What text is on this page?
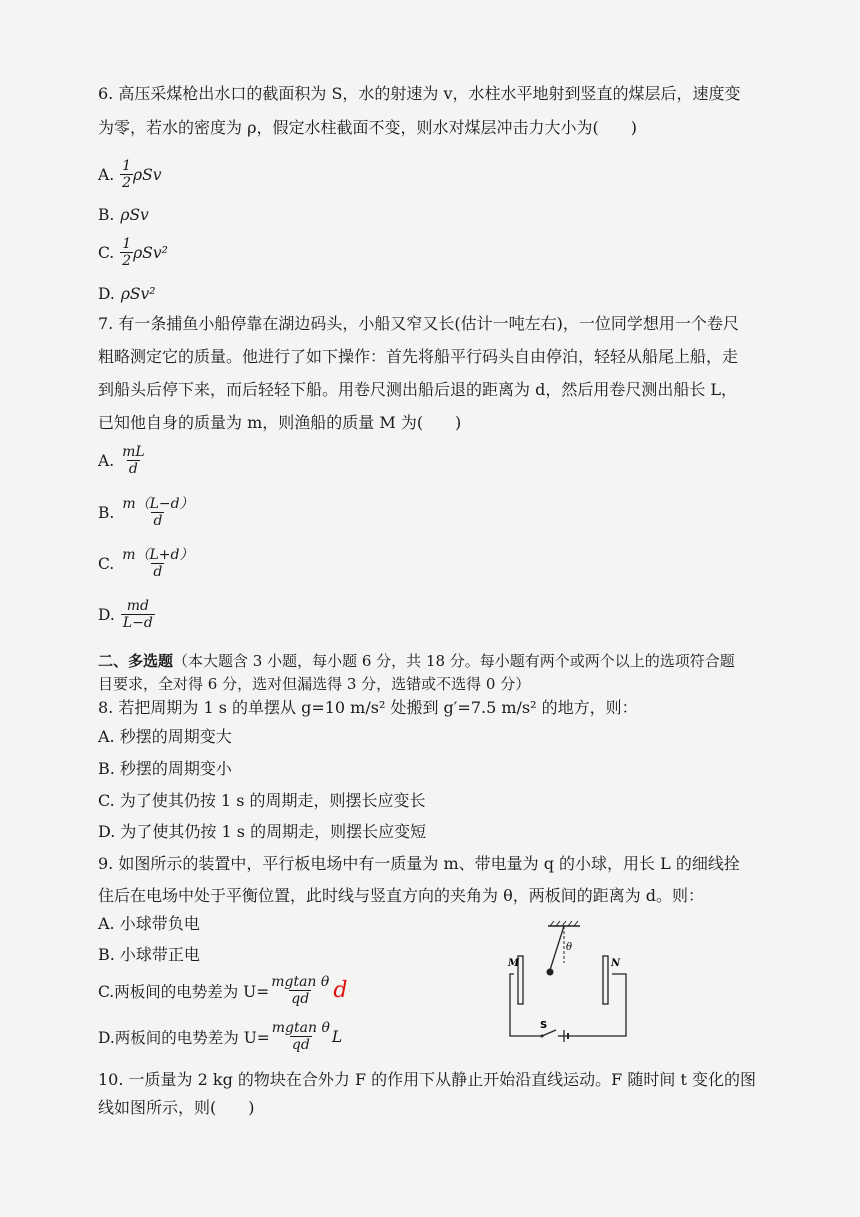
6. 高压采煤枪出水口的截面积为 S，水的射速为 v，水柱水平地射到竖直的煤层后，速度变
为零，若水的密度为 ρ，假定水柱截面不变，则水对煤层冲击力大小为(　　)
A. $\frac{1}{2}$ ρSv
B. ρSv
C. $\frac{1}{2} \rho Sv^2$
D. ρSv²
7. 有一条捕鱼小船停靠在湖边码头，小船又窄又长(估计一吨左右)，一位同学想用一个卷尺
粗略测定它的质量。他进行了如下操作：首先将船平行码头自由停泊，轻轻从船尾上船，走
到船头后停下来，而后轻轻下船。用卷尺测出船后退的距离为 d，然后用卷尺测出船长 L，
已知他自身的质量为 m，则渔船的质量 M 为(　　)
A. $\frac{mL}{d}$
B. $\frac{m(L-d)}{d}$
C. $\frac{m(L+d)}{d}$
D. $\frac{md}{L-d}$
二、多选题（本大题含 3 小题，每小题 6 分，共 18 分。每小题有两个或两个以上的选项符合题
目要求，全对得 6 分，选对但漏选得 3 分，选错或不选得 0 分）
8. 若把周期为 1 s 的单摆从 g=10 m/s² 处搬到 g′=7.5 m/s² 的地方，则：
A. 秒摆的周期变大
B. 秒摆的周期变小
C. 为了使其仍按 1 s 的周期走，则摆长应变长
D. 为了使其仍按 1 s 的周期走，则摆长应变短
9. 如图所示的装置中，平行板电场中有一质量为 m、带电量为 q 的小球，用长 L 的细线拴
住后在电场中处于平衡位置，此时线与竖直方向的夹角为 θ，两板间的距离为 d。则：
A. 小球带负电
B. 小球带正电
C.两板间的电势差为 $U= \frac{\text{mgtan θ}}{qd}$ d
D.两板间的电势差为 $U= \frac{\text{mgtan θ}}{qd}$ L
θ
M	N
S
10. 一质量为 2 kg 的物块在合外力 F 的作用下从静止开始沿直线运动。F 随时间 t 变化的图
线如图所示，则(　　)
